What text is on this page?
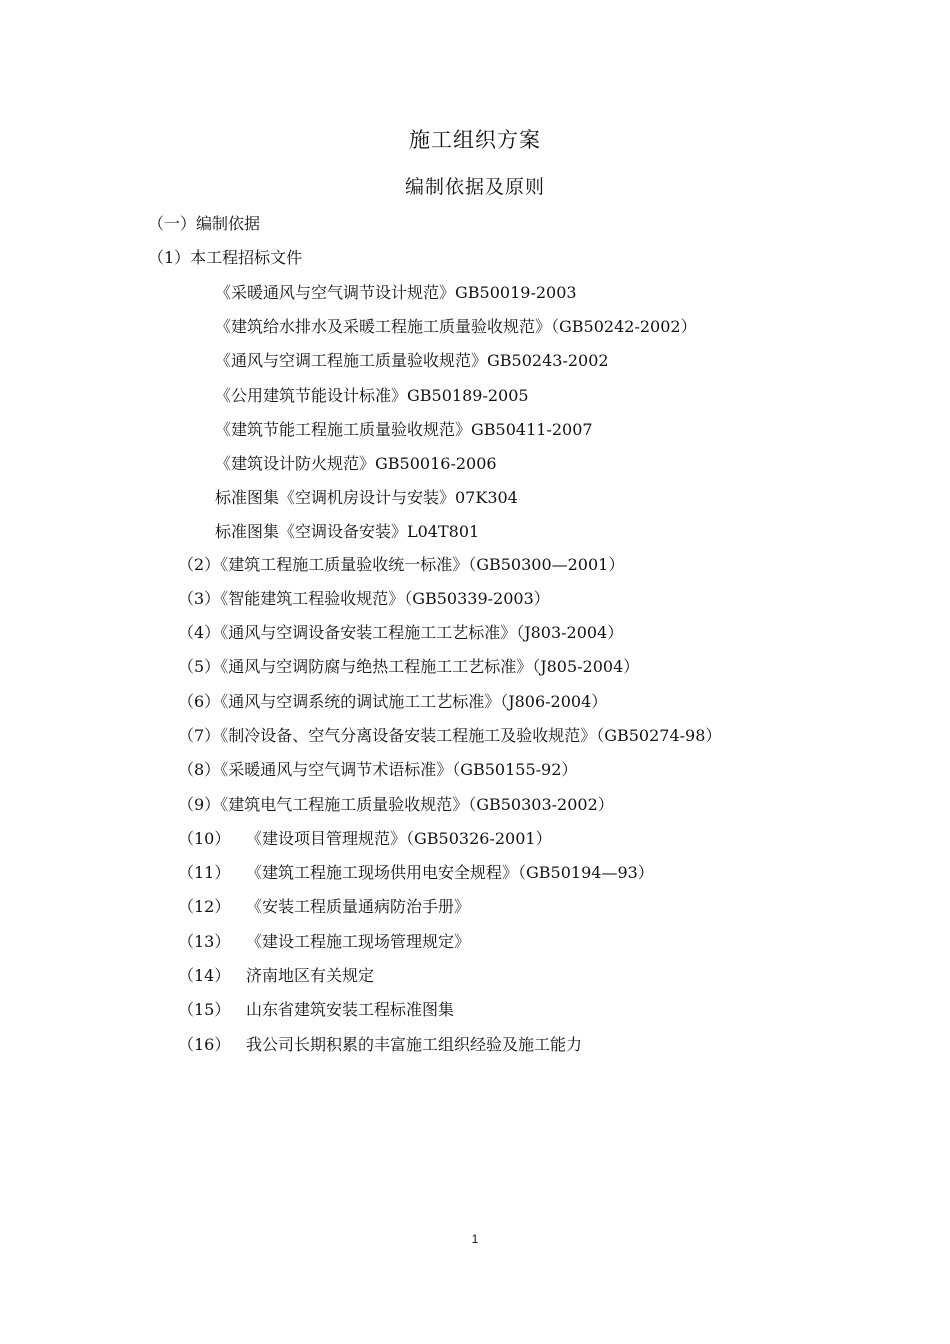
施工组织方案
编制依据及原则
（一）编制依据
（1）本工程招标文件
《采暖通风与空气调节设计规范》GB50019-2003
《建筑给水排水及采暖工程施工质量验收规范》（GB50242-2002）
《通风与空调工程施工质量验收规范》GB50243-2002
《公用建筑节能设计标准》GB50189-2005
《建筑节能工程施工质量验收规范》GB50411-2007
《建筑设计防火规范》GB50016-2006
标准图集《空调机房设计与安装》07K304
标准图集《空调设备安装》L04T801
（2）《建筑工程施工质量验收统一标准》（GB50300—2001）
（3）《智能建筑工程验收规范》（GB50339-2003）
（4）《通风与空调设备安装工程施工工艺标准》（J803-2004）
（5）《通风与空调防腐与绝热工程施工工艺标准》（J805-2004）
（6）《通风与空调系统的调试施工工艺标准》（J806-2004）
（7）《制冷设备、空气分离设备安装工程施工及验收规范》（GB50274-98）
（8）《采暖通风与空气调节术语标准》（GB50155-92）
（9）《建筑电气工程施工质量验收规范》（GB50303-2002）
（10） 《建设项目管理规范》（GB50326-2001）
（11） 《建筑工程施工现场供用电安全规程》（GB50194—93）
（12） 《安装工程质量通病防治手册》
（13） 《建设工程施工现场管理规定》
（14） 济南地区有关规定
（15） 山东省建筑安装工程标准图集
（16） 我公司长期积累的丰富施工组织经验及施工能力
1
